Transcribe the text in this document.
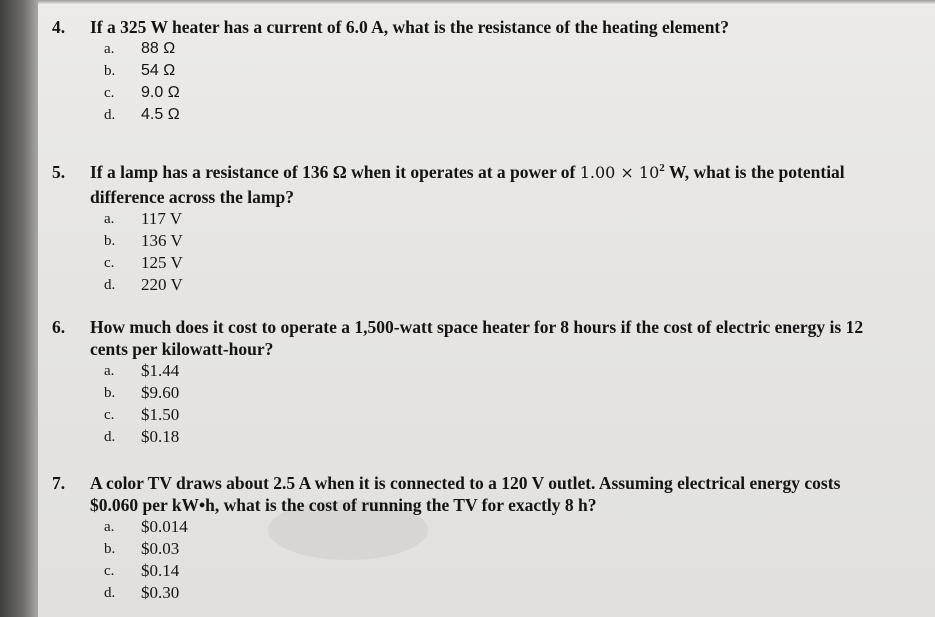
4. If a 325 W heater has a current of 6.0 A, what is the resistance of the heating element?
a. 88 Ω
b. 54 Ω
c. 9.0 Ω
d. 4.5 Ω
5. If a lamp has a resistance of 136 Ω when it operates at a power of $1.00 \times 10^2$ W, what is the potential
difference across the lamp?
a. 117 V
b. 136 V
c. 125 V
d. 220 V
6. How much does it cost to operate a 1,500-watt space heater for 8 hours if the cost of electric energy is 12
cents per kilowatt-hour?
a. $1.44
b. $9.60
c. $1.50
d. $0.18
7. A color TV draws about 2.5 A when it is connected to a 120 V outlet. Assuming electrical energy costs
$0.060 per kW•h, what is the cost of running the TV for exactly 8 h?
a. $0.014
b. $0.03
c. $0.14
d. $0.30
